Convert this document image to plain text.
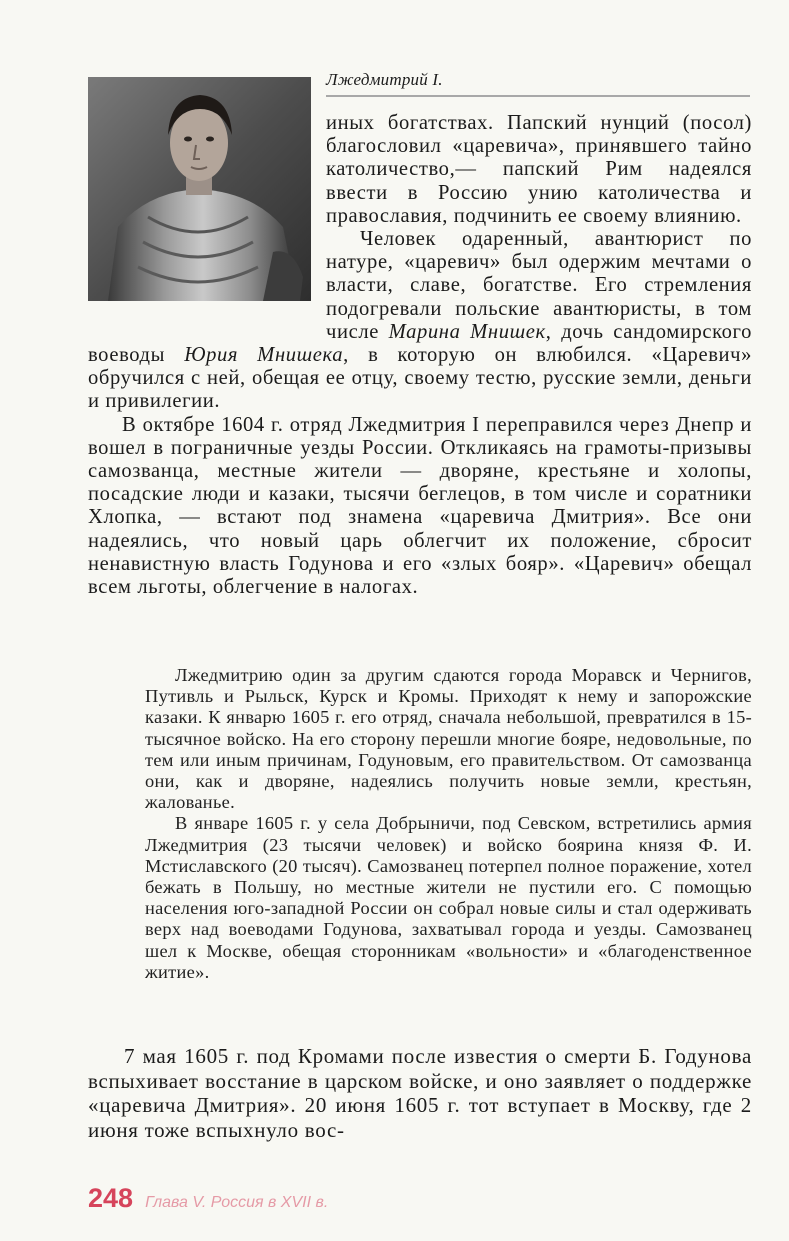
Лжедмитрий I.

иных богатствах. Папский нунций (посол) благословил «царевича», принявшего тайно католичество,— папский Рим надеялся ввести в Россию унию католичества и православия, подчинить ее своему влиянию.

Человек одаренный, авантюрист по натуре, «царевич» был одержим мечтами о власти, славе, богатстве. Его стремления подогревали польские авантюристы, в том числе Марина Мнишек, дочь сандомирского воеводы Юрия Мнишека, в которую он влюбился. «Царевич» обручился с ней, обещая ее отцу, своему тестю, русские земли, деньги и привилегии.

В октябре 1604 г. отряд Лжедмитрия I переправился через Днепр и вошел в пограничные уезды России. Откликаясь на грамоты-призывы самозванца, местные жители — дворяне, крестьяне и холопы, посадские люди и казаки, тысячи беглецов, в том числе и соратники Хлопка, — встают под знамена «царевича Дмитрия». Все они надеялись, что новый царь облегчит их положение, сбросит ненавистную власть Годунова и его «злых бояр». «Царевич» обещал всем льготы, облегчение в налогах.

Лжедмитрию один за другим сдаются города Моравск и Чернигов, Путивль и Рыльск, Курск и Кромы. Приходят к нему и запорожские казаки. К январю 1605 г. его отряд, сначала небольшой, превратился в 15-тысячное войско. На его сторону перешли многие бояре, недовольные, по тем или иным причинам, Годуновым, его правительством. От самозванца они, как и дворяне, надеялись получить новые земли, крестьян, жалованье.

В январе 1605 г. у села Добрыничи, под Севском, встретились армия Лжедмитрия (23 тысячи человек) и войско боярина князя Ф. И. Мстиславского (20 тысяч). Самозванец потерпел полное поражение, хотел бежать в Польшу, но местные жители не пустили его. С помощью населения юго-западной России он собрал новые силы и стал одерживать верх над воеводами Годунова, захватывал города и уезды. Самозванец шел к Москве, обещая сторонникам «вольности» и «благоденственное житие».

7 мая 1605 г. под Кромами после известия о смерти Б. Годунова вспыхивает восстание в царском войске, и оно заявляет о поддержке «царевича Дмитрия». 20 июня 1605 г. тот вступает в Москву, где 2 июня тоже вспыхнуло вос-

248 Глава V. Россия в XVII в.
